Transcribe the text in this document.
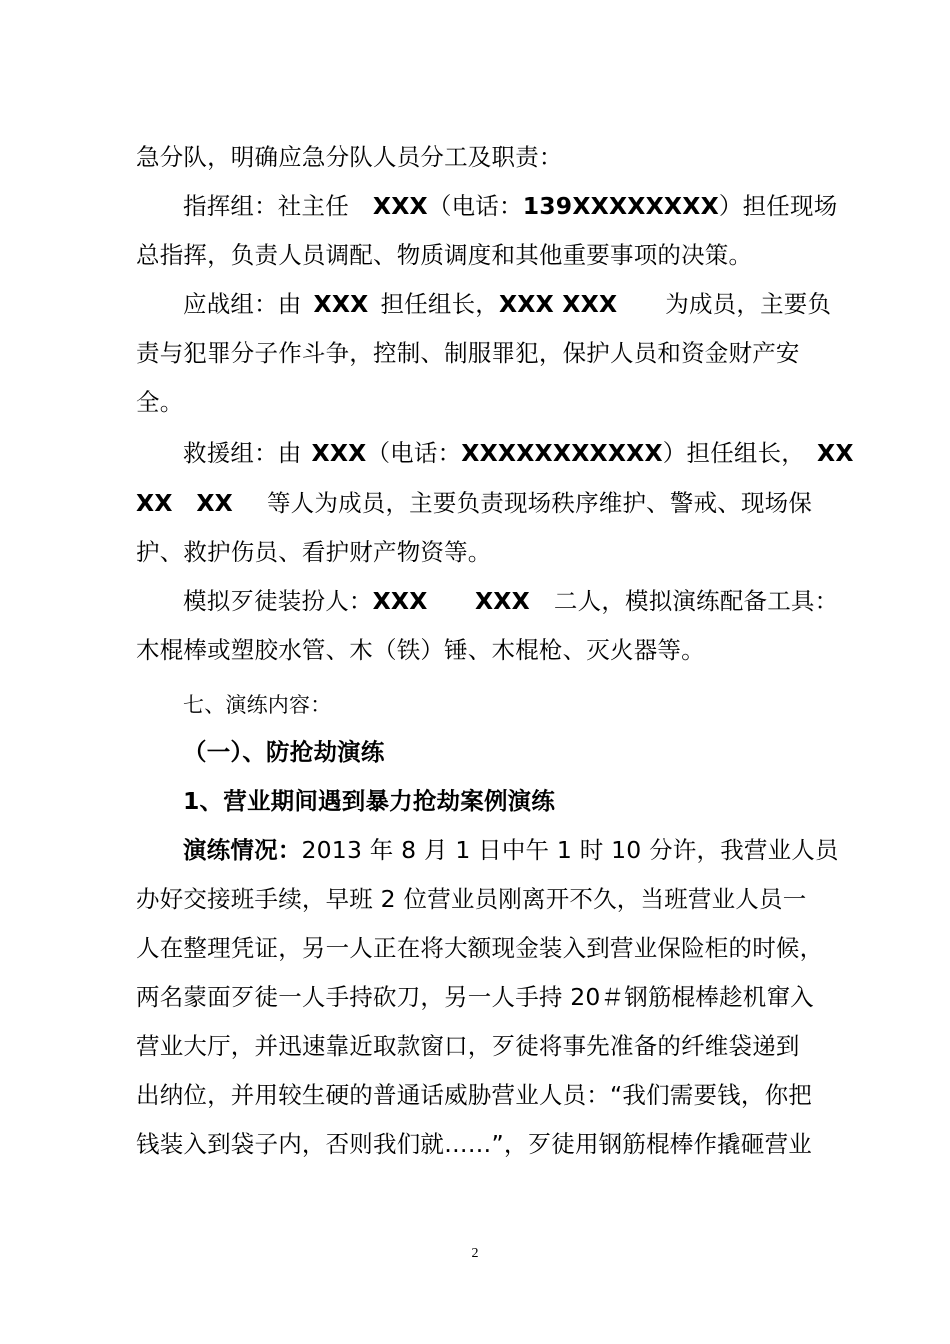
急分队，明确应急分队人员分工及职责：
指挥组：社主任 XXX（电话：139XXXXXXXX）担任现场
总指挥，负责人员调配、物质调度和其他重要事项的决策。
应战组：由 XXX 担任组长，XXX XXX 为成员，主要负
责与犯罪分子作斗争，控制、制服罪犯，保护人员和资金财产安
全。
救援组：由 XXX（电话：XXXXXXXXXXX）担任组长， XX
XX　XX 等人为成员，主要负责现场秩序维护、警戒、现场保
护、救护伤员、看护财产物资等。
模拟歹徒装扮人：XXX　　XXX 二人，模拟演练配备工具：
木棍棒或塑胶水管、木（铁）锤、木棍枪、灭火器等。
七、演练内容：
（一）、防抢劫演练
1、营业期间遇到暴力抢劫案例演练
演练情况：2013 年 8 月 1 日中午 1 时 10 分许，我营业人员
办好交接班手续，早班 2 位营业员刚离开不久，当班营业人员一
人在整理凭证，另一人正在将大额现金装入到营业保险柜的时候，
两名蒙面歹徒一人手持砍刀，另一人手持 20＃钢筋棍棒趁机窜入
营业大厅，并迅速靠近取款窗口，歹徒将事先准备的纤维袋递到
出纳位，并用较生硬的普通话威胁营业人员：“我们需要钱，你把
钱装入到袋子内，否则我们就……”，歹徒用钢筋棍棒作撬砸营业
2
